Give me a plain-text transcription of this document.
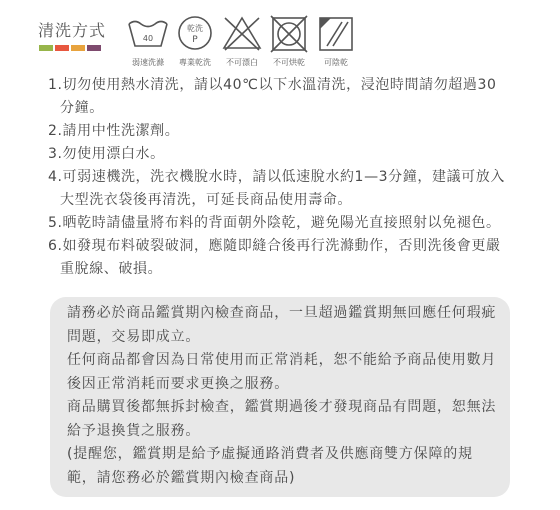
清洗方式	40
乾洗
P
弱速洗滌 專業乾洗 不可漂白 不可烘乾 可陰乾

1.切勿使用熱水清洗，請以40℃以下水溫清洗，浸泡時間請勿超過30分鐘。

2.請用中性洗潔劑。

3.勿使用漂白水。

4.可弱速機洗，洗衣機脫水時，請以低速脫水約1—3分鐘，建議可放入大型洗衣袋後再清洗，可延長商品使用壽命。

5.晒乾時請儘量將布料的背面朝外陰乾，避免陽光直接照射以免褪色。

6.如發現布料破裂破洞，應隨即縫合後再行洗滌動作，否則洗後會更嚴重脫線、破損。

請務必於商品鑑賞期內檢查商品，一旦超過鑑賞期無回應任何瑕疵問題，交易即成立。

任何商品都會因為日常使用而正常消耗，恕不能給予商品使用數月後因正常消耗而要求更換之服務。

商品購買後都無拆封檢查，鑑賞期過後才發現商品有問題，恕無法給予退換貨之服務。

(提醒您，鑑賞期是給予虛擬通路消費者及供應商雙方保障的規範，請您務必於鑑賞期內檢查商品)
